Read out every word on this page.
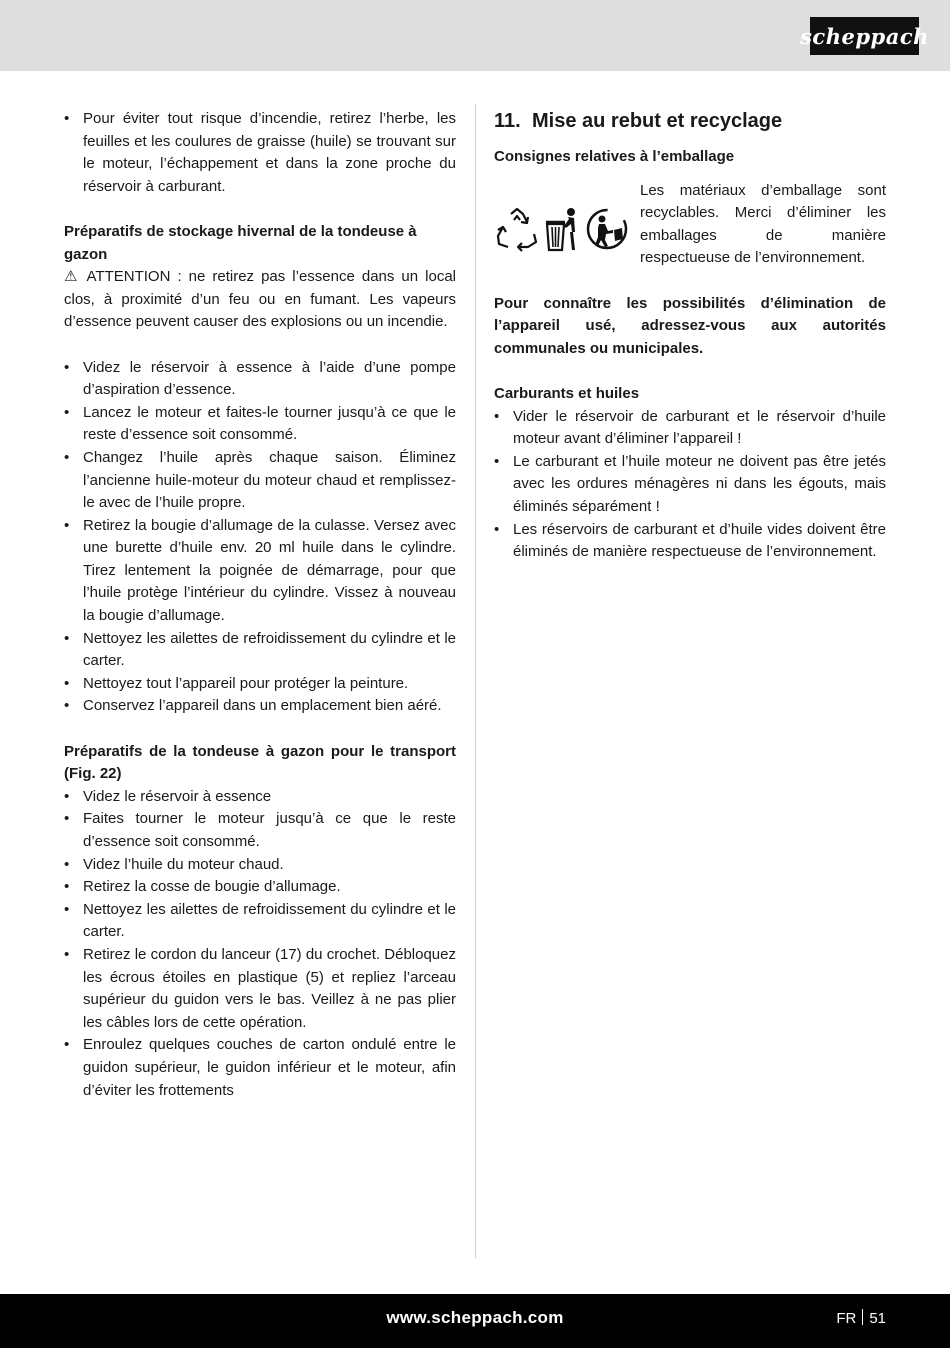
scheppach
• Pour éviter tout risque d’incendie, retirez l’herbe, les feuilles et les coulures de graisse (huile) se trouvant sur le moteur, l’échappement et dans la zone proche du réservoir à carburant.
Préparatifs de stockage hivernal de la tondeuse à gazon
⚠ ATTENTION : ne retirez pas l’essence dans un local clos, à proximité d’un feu ou en fumant. Les vapeurs d’essence peuvent causer des explosions ou un incendie.
• Videz le réservoir à essence à l’aide d’une pompe d’aspiration d’essence.
• Lancez le moteur et faites-le tourner jusqu’à ce que le reste d’essence soit consommé.
• Changez l’huile après chaque saison. Éliminez l’ancienne huile-moteur du moteur chaud et remplissez-le avec de l’huile propre.
• Retirez la bougie d’allumage de la culasse. Versez avec une burette d’huile env. 20 ml huile dans le cylindre. Tirez lentement la poignée de démarrage, pour que l’huile protège l’intérieur du cylindre. Vissez à nouveau la bougie d’allumage.
• Nettoyez les ailettes de refroidissement du cylindre et le carter.
• Nettoyez tout l’appareil pour protéger la peinture.
• Conservez l’appareil dans un emplacement bien aéré.
Préparatifs de la tondeuse à gazon pour le transport (Fig. 22)
• Videz le réservoir à essence
• Faites tourner le moteur jusqu’à ce que le reste d’essence soit consommé.
• Videz l’huile du moteur chaud.
• Retirez la cosse de bougie d’allumage.
• Nettoyez les ailettes de refroidissement du cylindre et le carter.
• Retirez le cordon du lanceur (17) du crochet. Débloquez les écrous étoiles en plastique (5) et repliez l’arceau supérieur du guidon vers le bas. Veillez à ne pas plier les câbles lors de cette opération.
• Enroulez quelques couches de carton ondulé entre le guidon supérieur, le guidon inférieur et le moteur, afin d’éviter les frottements
11. Mise au rebut et recyclage
Consignes relatives à l’emballage
Les matériaux d’emballage sont recyclables. Merci d’éliminer les emballages de manière respectueuse de l’environnement.
Pour connaître les possibilités d’élimination de l’appareil usé, adressez-vous aux autorités communales ou municipales.
Carburants et huiles
• Vider le réservoir de carburant et le réservoir d’huile moteur avant d’éliminer l’appareil !
• Le carburant et l’huile moteur ne doivent pas être jetés avec les ordures ménagères ni dans les égouts, mais éliminés séparément !
• Les réservoirs de carburant et d’huile vides doivent être éliminés de manière respectueuse de l’environnement.
www.scheppach.com	FR 51
